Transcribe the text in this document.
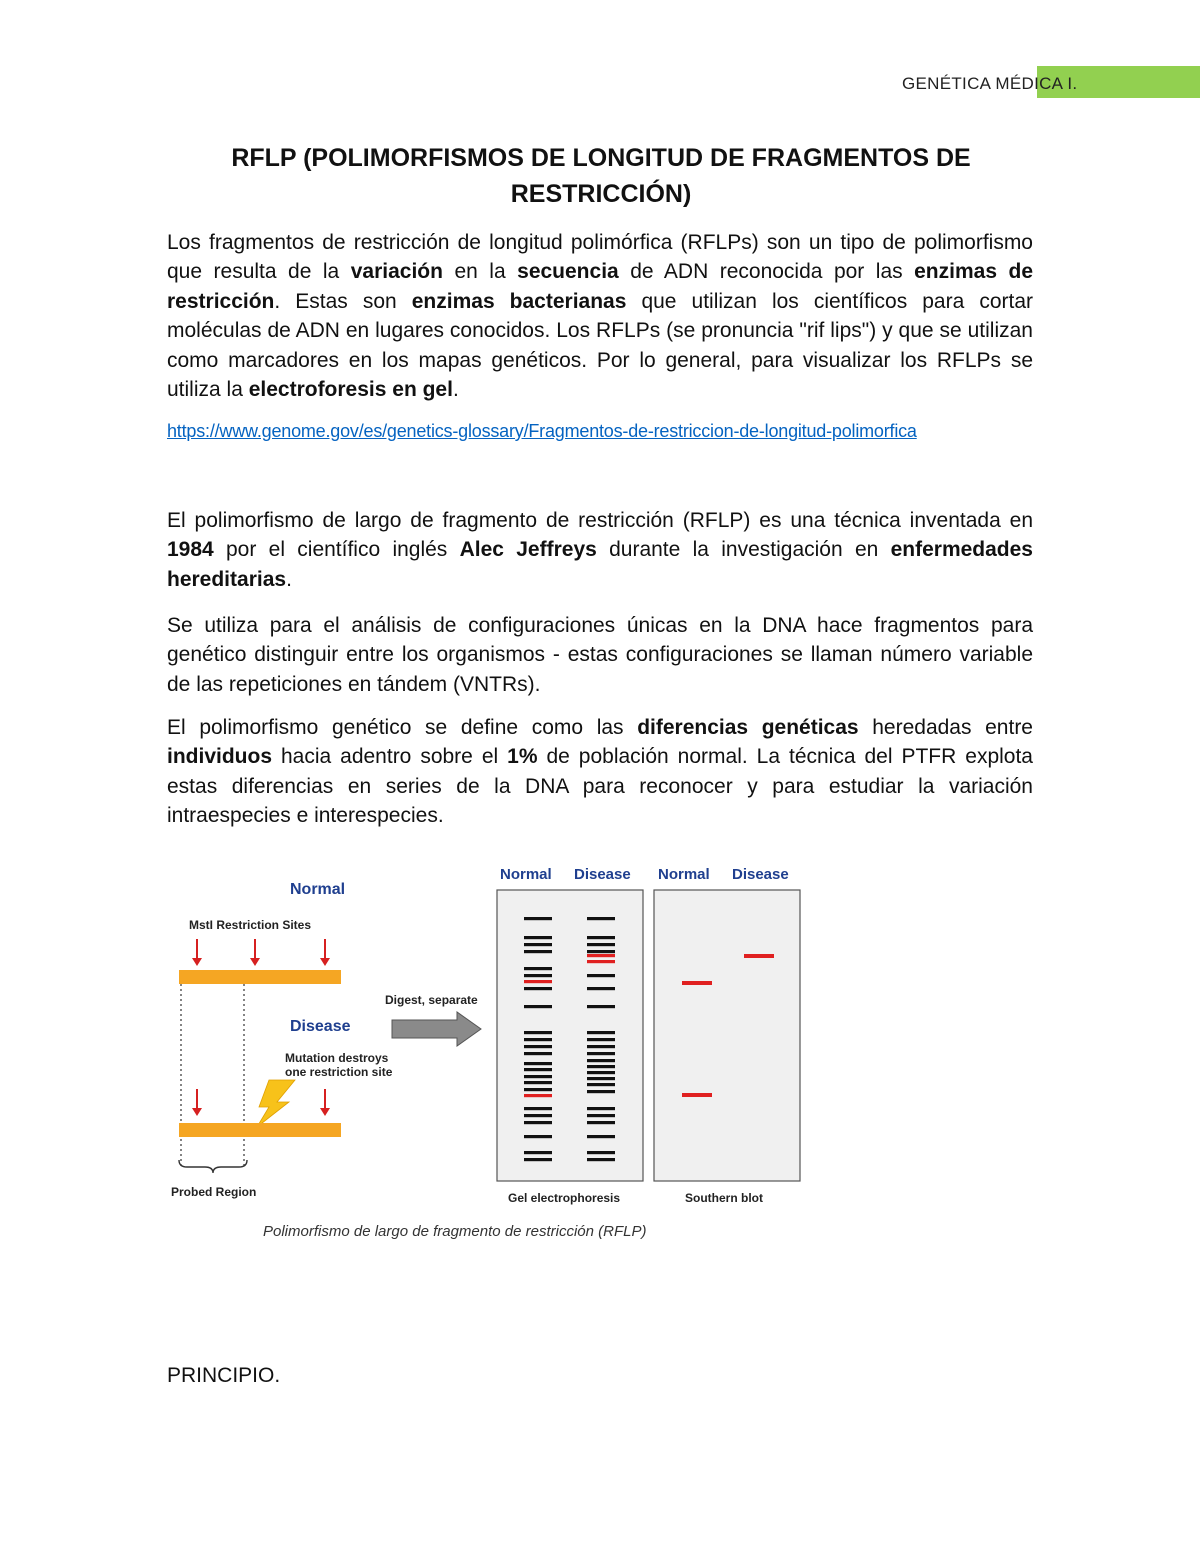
GENÉTICA MÉDICA I.
RFLP (POLIMORFISMOS DE LONGITUD DE FRAGMENTOS DE RESTRICCIÓN)

Los fragmentos de restricción de longitud polimórfica (RFLPs) son un tipo de polimorfismo que resulta de la variación en la secuencia de ADN reconocida por las enzimas de restricción. Estas son enzimas bacterianas que utilizan los científicos para cortar moléculas de ADN en lugares conocidos. Los RFLPs (se pronuncia "rif lips") y que se utilizan como marcadores en los mapas genéticos. Por lo general, para visualizar los RFLPs se utiliza la electroforesis en gel.

https://www.genome.gov/es/genetics-glossary/Fragmentos-de-restriccion-de-longitud-polimorfica

El polimorfismo de largo de fragmento de restricción (RFLP) es una técnica inventada en 1984 por el científico inglés Alec Jeffreys durante la investigación en enfermedades hereditarias.

Se utiliza para el análisis de configuraciones únicas en la DNA hace fragmentos para genético distinguir entre los organismos - estas configuraciones se llaman número variable de las repeticiones en tándem (VNTRs).

El polimorfismo genético se define como las diferencias genéticas heredadas entre individuos hacia adentro sobre el 1% de población normal. La técnica del PTFR explota estas diferencias en series de la DNA para reconocer y para estudiar la variación intraespecies e interespecies.

Normal
MstI Restriction Sites
Disease
Mutation destroys
one restriction site
Probed Region
Digest, separate
Normal Disease Normal Disease
Gel electrophoresis	Southern blot
Polimorfismo de largo de fragmento de restricción (RFLP)
PRINCIPIO.
